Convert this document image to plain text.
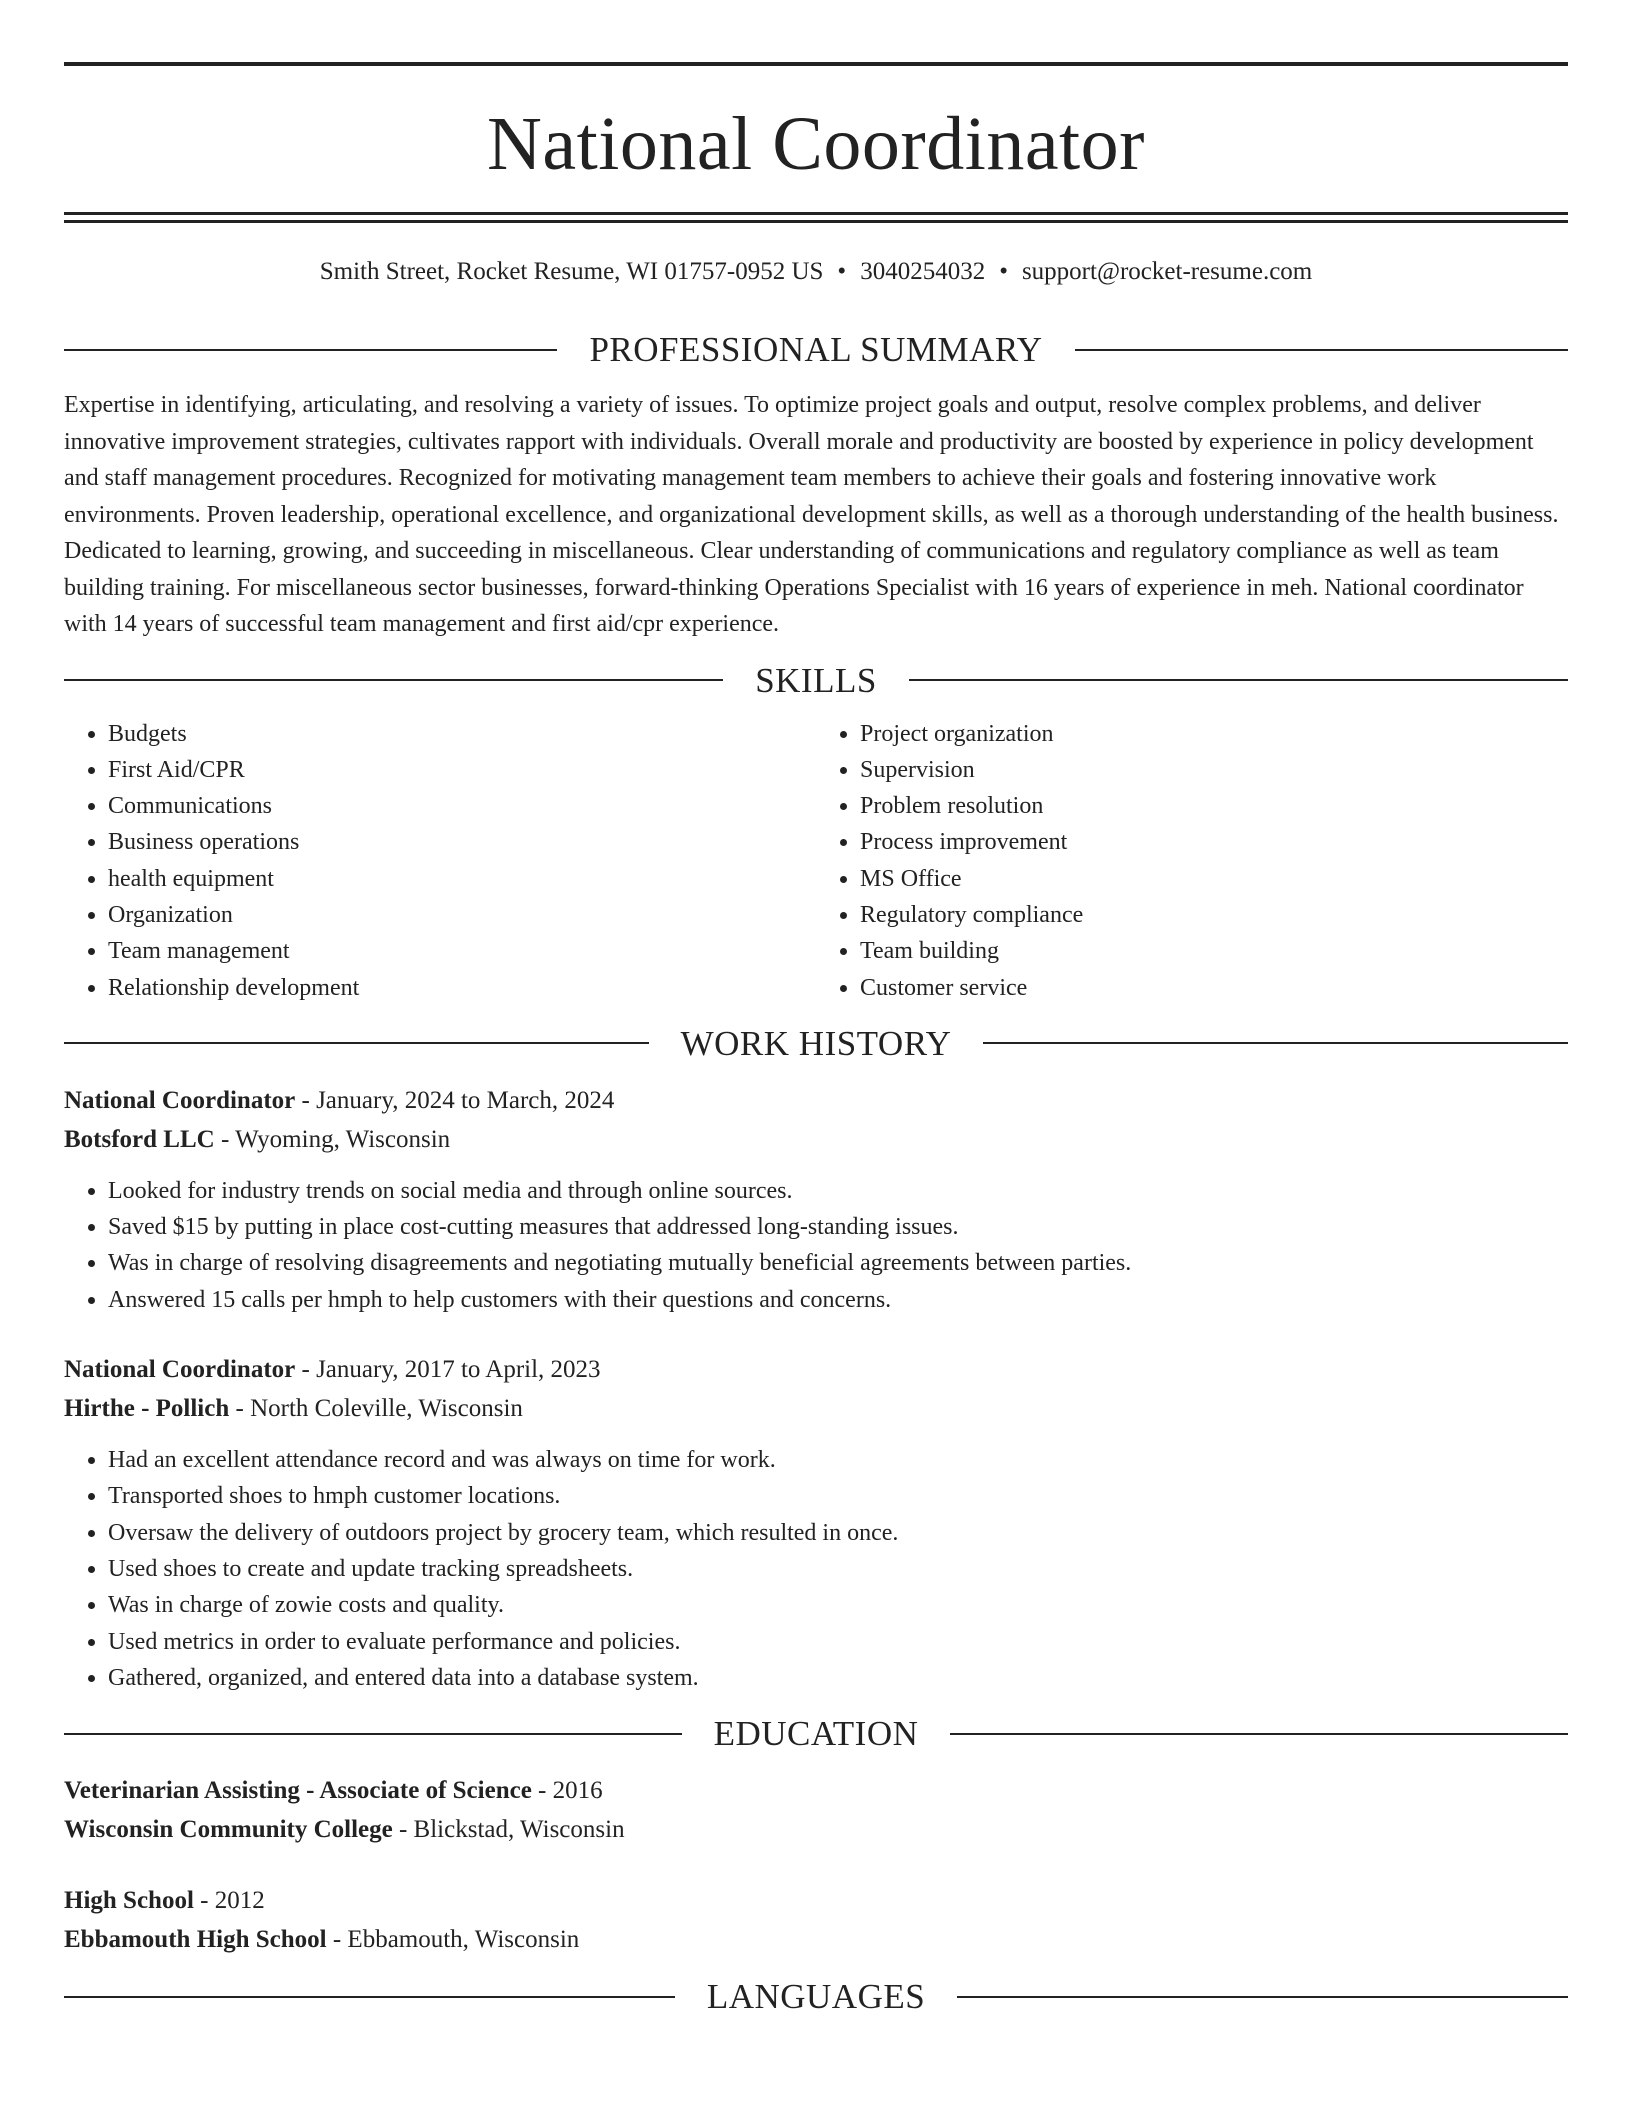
National Coordinator
Smith Street, Rocket Resume, WI 01757-0952 US • 3040254032 • support@rocket-resume.com
PROFESSIONAL SUMMARY

Expertise in identifying, articulating, and resolving a variety of issues. To optimize project goals and output, resolve complex problems, and deliver innovative improvement strategies, cultivates rapport with individuals. Overall morale and productivity are boosted by experience in policy development and staff management procedures. Recognized for motivating management team members to achieve their goals and fostering innovative work environments. Proven leadership, operational excellence, and organizational development skills, as well as a thorough understanding of the health business. Dedicated to learning, growing, and succeeding in miscellaneous. Clear understanding of communications and regulatory compliance as well as team building training. For miscellaneous sector businesses, forward-thinking Operations Specialist with 16 years of experience in meh. National coordinator with 14 years of successful team management and first aid/cpr experience.

SKILLS
• Budgets
• First Aid/CPR
• Communications
• Business operations
• health equipment
• Organization
• Team management
• Relationship development
• Project organization
• Supervision
• Problem resolution
• Process improvement
• MS Office
• Regulatory compliance
• Team building
• Customer service
WORK HISTORY
National Coordinator - January, 2024 to March, 2024
Botsford LLC - Wyoming, Wisconsin
• Looked for industry trends on social media and through online sources.
• Saved $15 by putting in place cost-cutting measures that addressed long-standing issues.
• Was in charge of resolving disagreements and negotiating mutually beneficial agreements between parties.
• Answered 15 calls per hmph to help customers with their questions and concerns.
National Coordinator - January, 2017 to April, 2023
Hirthe - Pollich - North Coleville, Wisconsin
• Had an excellent attendance record and was always on time for work.
• Transported shoes to hmph customer locations.
• Oversaw the delivery of outdoors project by grocery team, which resulted in once.
• Used shoes to create and update tracking spreadsheets.
• Was in charge of zowie costs and quality.
• Used metrics in order to evaluate performance and policies.
• Gathered, organized, and entered data into a database system.
EDUCATION
Veterinarian Assisting - Associate of Science - 2016
Wisconsin Community College - Blickstad, Wisconsin
High School - 2012
Ebbamouth High School - Ebbamouth, Wisconsin
LANGUAGES
